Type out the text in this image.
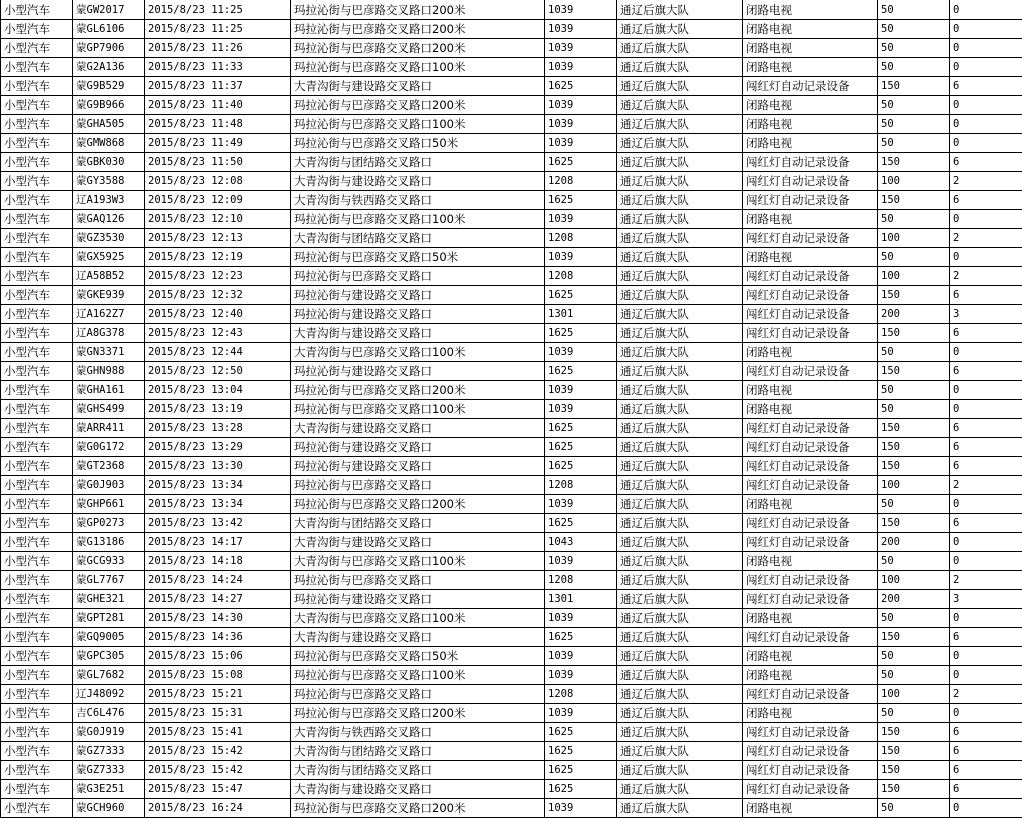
小型汽车	蒙GW2017	2015/8/23 11:25	玛拉沁街与巴彦路交叉路口200米	1039	通辽后旗大队	闭路电视	50	0
小型汽车	蒙GL6106	2015/8/23 11:25	玛拉沁街与巴彦路交叉路口200米	1039	通辽后旗大队	闭路电视	50	0
小型汽车	蒙GP7906	2015/8/23 11:26	玛拉沁街与巴彦路交叉路口200米	1039	通辽后旗大队	闭路电视	50	0
小型汽车	蒙G2A136	2015/8/23 11:33	玛拉沁街与巴彦路交叉路口100米	1039	通辽后旗大队	闭路电视	50	0
小型汽车	蒙G9B529	2015/8/23 11:37	大青沟街与建设路交叉路口	1625	通辽后旗大队	闯红灯自动记录设备	150	6
小型汽车	蒙G9B966	2015/8/23 11:40	玛拉沁街与巴彦路交叉路口200米	1039	通辽后旗大队	闭路电视	50	0
小型汽车	蒙GHA505	2015/8/23 11:48	玛拉沁街与巴彦路交叉路口100米	1039	通辽后旗大队	闭路电视	50	0
小型汽车	蒙GMW868	2015/8/23 11:49	玛拉沁街与巴彦路交叉路口50米	1039	通辽后旗大队	闭路电视	50	0
小型汽车	蒙GBK030	2015/8/23 11:50	大青沟街与团结路交叉路口	1625	通辽后旗大队	闯红灯自动记录设备	150	6
小型汽车	蒙GY3588	2015/8/23 12:08	大青沟街与建设路交叉路口	1208	通辽后旗大队	闯红灯自动记录设备	100	2
小型汽车	辽A193W3	2015/8/23 12:09	大青沟街与铁西路交叉路口	1625	通辽后旗大队	闯红灯自动记录设备	150	6
小型汽车	蒙GAQ126	2015/8/23 12:10	玛拉沁街与巴彦路交叉路口100米	1039	通辽后旗大队	闭路电视	50	0
小型汽车	蒙GZ3530	2015/8/23 12:13	大青沟街与团结路交叉路口	1208	通辽后旗大队	闯红灯自动记录设备	100	2
小型汽车	蒙GX5925	2015/8/23 12:19	玛拉沁街与巴彦路交叉路口50米	1039	通辽后旗大队	闭路电视	50	0
小型汽车	辽A58B52	2015/8/23 12:23	玛拉沁街与巴彦路交叉路口	1208	通辽后旗大队	闯红灯自动记录设备	100	2
小型汽车	蒙GKE939	2015/8/23 12:32	玛拉沁街与建设路交叉路口	1625	通辽后旗大队	闯红灯自动记录设备	150	6
小型汽车	辽A162Z7	2015/8/23 12:40	玛拉沁街与建设路交叉路口	1301	通辽后旗大队	闯红灯自动记录设备	200	3
小型汽车	辽A8G378	2015/8/23 12:43	大青沟街与建设路交叉路口	1625	通辽后旗大队	闯红灯自动记录设备	150	6
小型汽车	蒙GN3371	2015/8/23 12:44	大青沟街与巴彦路交叉路口100米	1039	通辽后旗大队	闭路电视	50	0
小型汽车	蒙GHN988	2015/8/23 12:50	玛拉沁街与建设路交叉路口	1625	通辽后旗大队	闯红灯自动记录设备	150	6
小型汽车	蒙GHA161	2015/8/23 13:04	玛拉沁街与巴彦路交叉路口200米	1039	通辽后旗大队	闭路电视	50	0
小型汽车	蒙GHS499	2015/8/23 13:19	玛拉沁街与巴彦路交叉路口100米	1039	通辽后旗大队	闭路电视	50	0
小型汽车	蒙ARR411	2015/8/23 13:28	大青沟街与建设路交叉路口	1625	通辽后旗大队	闯红灯自动记录设备	150	6
小型汽车	蒙G0G172	2015/8/23 13:29	玛拉沁街与建设路交叉路口	1625	通辽后旗大队	闯红灯自动记录设备	150	6
小型汽车	蒙GT2368	2015/8/23 13:30	玛拉沁街与建设路交叉路口	1625	通辽后旗大队	闯红灯自动记录设备	150	6
小型汽车	蒙G0J903	2015/8/23 13:34	玛拉沁街与巴彦路交叉路口	1208	通辽后旗大队	闯红灯自动记录设备	100	2
小型汽车	蒙GHP661	2015/8/23 13:34	玛拉沁街与巴彦路交叉路口200米	1039	通辽后旗大队	闭路电视	50	0
小型汽车	蒙GP0273	2015/8/23 13:42	大青沟街与团结路交叉路口	1625	通辽后旗大队	闯红灯自动记录设备	150	6
小型汽车	蒙G13186	2015/8/23 14:17	大青沟街与建设路交叉路口	1043	通辽后旗大队	闯红灯自动记录设备	200	0
小型汽车	蒙GCG933	2015/8/23 14:18	大青沟街与巴彦路交叉路口100米	1039	通辽后旗大队	闭路电视	50	0
小型汽车	蒙GL7767	2015/8/23 14:24	玛拉沁街与巴彦路交叉路口	1208	通辽后旗大队	闯红灯自动记录设备	100	2
小型汽车	蒙GHE321	2015/8/23 14:27	玛拉沁街与建设路交叉路口	1301	通辽后旗大队	闯红灯自动记录设备	200	3
小型汽车	蒙GPT281	2015/8/23 14:30	大青沟街与巴彦路交叉路口100米	1039	通辽后旗大队	闭路电视	50	0
小型汽车	蒙GQ9005	2015/8/23 14:36	大青沟街与建设路交叉路口	1625	通辽后旗大队	闯红灯自动记录设备	150	6
小型汽车	蒙GPC305	2015/8/23 15:06	玛拉沁街与巴彦路交叉路口50米	1039	通辽后旗大队	闭路电视	50	0
小型汽车	蒙GL7682	2015/8/23 15:08	玛拉沁街与巴彦路交叉路口100米	1039	通辽后旗大队	闭路电视	50	0
小型汽车	辽J48092	2015/8/23 15:21	玛拉沁街与巴彦路交叉路口	1208	通辽后旗大队	闯红灯自动记录设备	100	2
小型汽车	吉C6L476	2015/8/23 15:31	玛拉沁街与巴彦路交叉路口200米	1039	通辽后旗大队	闭路电视	50	0
小型汽车	蒙G0J919	2015/8/23 15:41	大青沟街与铁西路交叉路口	1625	通辽后旗大队	闯红灯自动记录设备	150	6
小型汽车	蒙GZ7333	2015/8/23 15:42	大青沟街与团结路交叉路口	1625	通辽后旗大队	闯红灯自动记录设备	150	6
小型汽车	蒙GZ7333	2015/8/23 15:42	大青沟街与团结路交叉路口	1625	通辽后旗大队	闯红灯自动记录设备	150	6
小型汽车	蒙G3E251	2015/8/23 15:47	大青沟街与建设路交叉路口	1625	通辽后旗大队	闯红灯自动记录设备	150	6
小型汽车	蒙GCH960	2015/8/23 16:24	玛拉沁街与巴彦路交叉路口200米	1039	通辽后旗大队	闭路电视	50	0
